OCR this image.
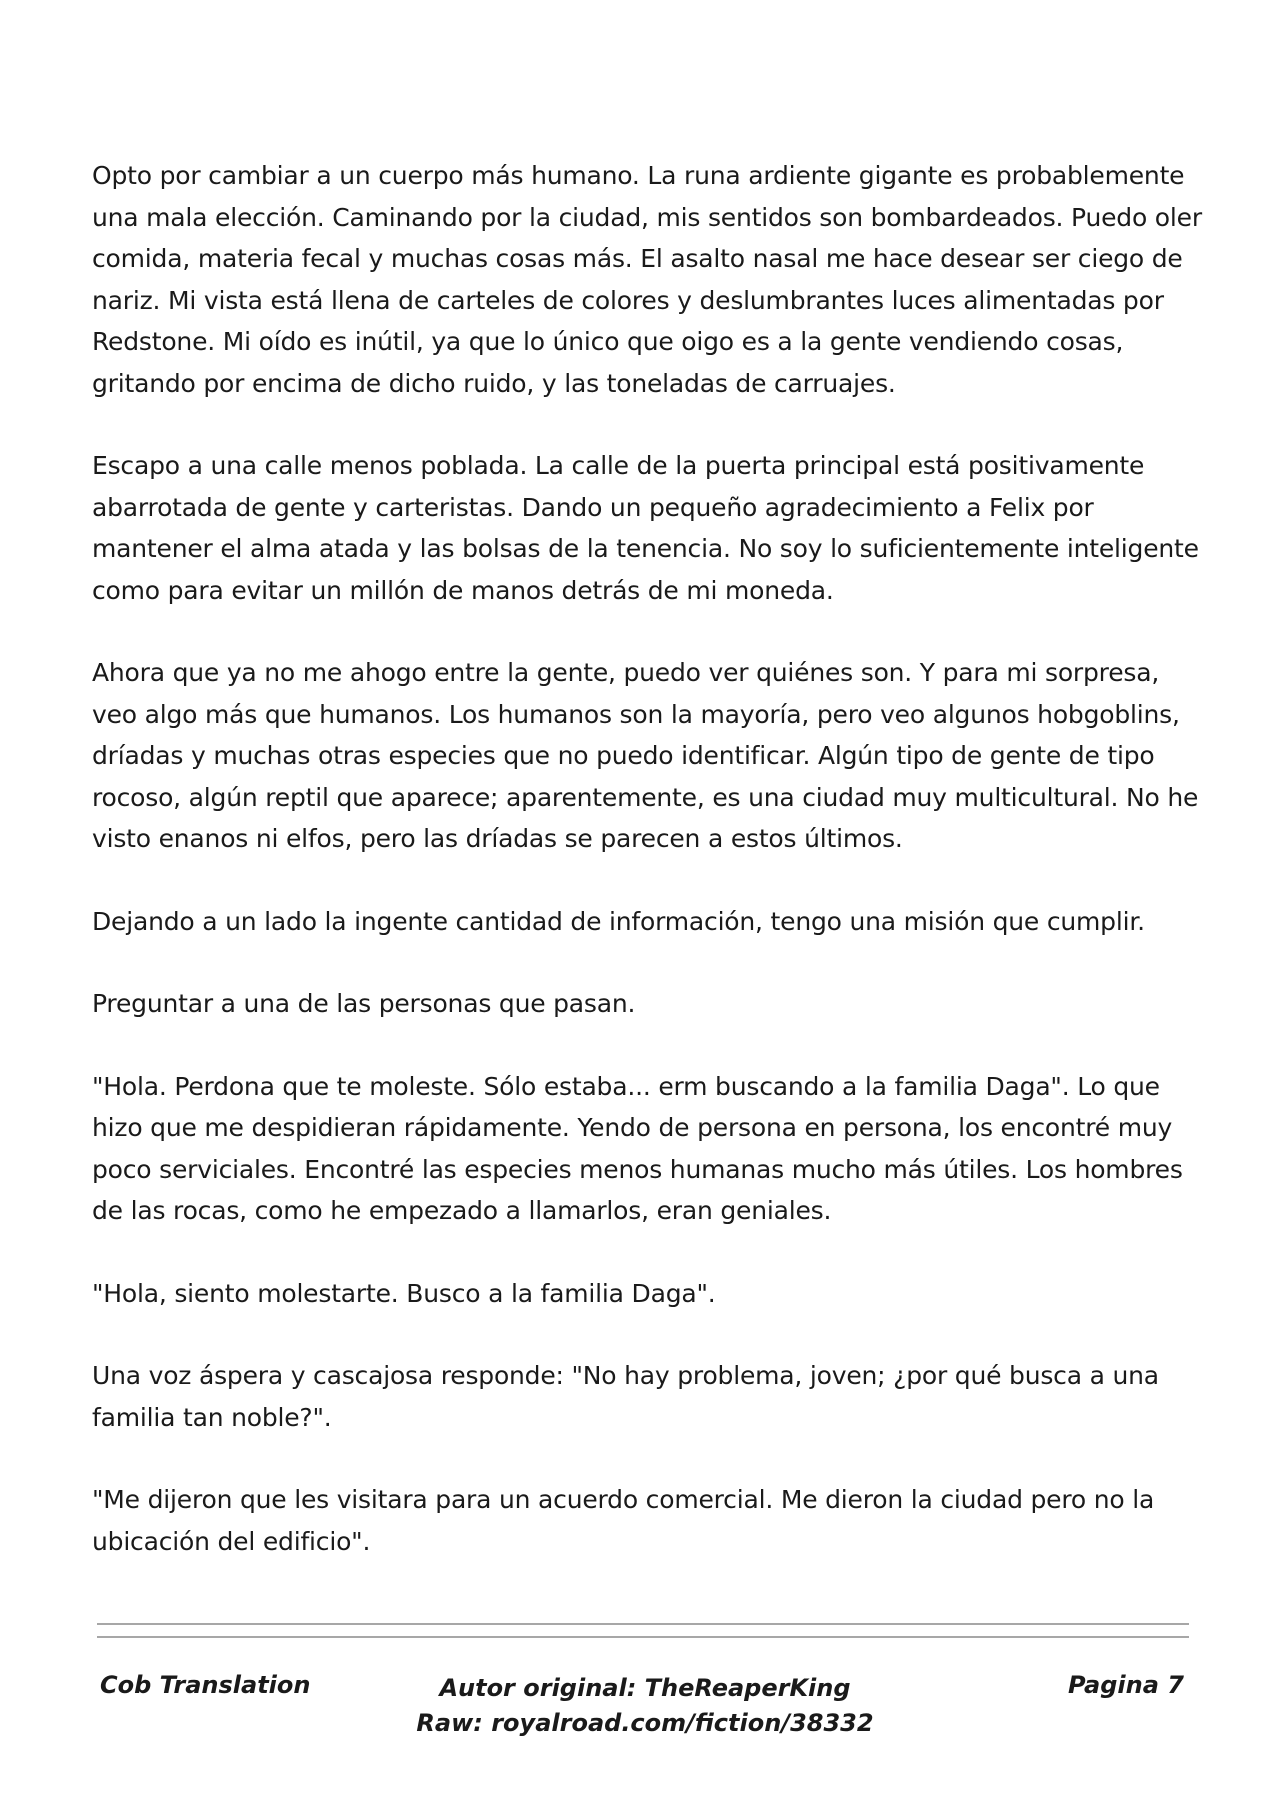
Opto por cambiar a un cuerpo más humano. La runa ardiente gigante es probablemente una mala elección. Caminando por la ciudad, mis sentidos son bombardeados. Puedo oler comida, materia fecal y muchas cosas más. El asalto nasal me hace desear ser ciego de nariz. Mi vista está llena de carteles de colores y deslumbrantes luces alimentadas por Redstone. Mi oído es inútil, ya que lo único que oigo es a la gente vendiendo cosas, gritando por encima de dicho ruido, y las toneladas de carruajes.

Escapo a una calle menos poblada. La calle de la puerta principal está positivamente abarrotada de gente y carteristas. Dando un pequeño agradecimiento a Felix por mantener el alma atada y las bolsas de la tenencia. No soy lo suficientemente inteligente como para evitar un millón de manos detrás de mi moneda.

Ahora que ya no me ahogo entre la gente, puedo ver quiénes son. Y para mi sorpresa, veo algo más que humanos. Los humanos son la mayoría, pero veo algunos hobgoblins, dríadas y muchas otras especies que no puedo identificar. Algún tipo de gente de tipo rocoso, algún reptil que aparece; aparentemente, es una ciudad muy multicultural. No he visto enanos ni elfos, pero las dríadas se parecen a estos últimos.

Dejando a un lado la ingente cantidad de información, tengo una misión que cumplir.

Preguntar a una de las personas que pasan.

"Hola. Perdona que te moleste. Sólo estaba... erm buscando a la familia Daga". Lo que hizo que me despidieran rápidamente. Yendo de persona en persona, los encontré muy poco serviciales. Encontré las especies menos humanas mucho más útiles. Los hombres de las rocas, como he empezado a llamarlos, eran geniales.

"Hola, siento molestarte. Busco a la familia Daga".

Una voz áspera y cascajosa responde: "No hay problema, joven; ¿por qué busca a una familia tan noble?".

"Me dijeron que les visitara para un acuerdo comercial. Me dieron la ciudad pero no la ubicación del edificio".

Cob Translation	Autor original: TheReaperKing
Raw: royalroad.com/fiction/38332
Pagina 7
